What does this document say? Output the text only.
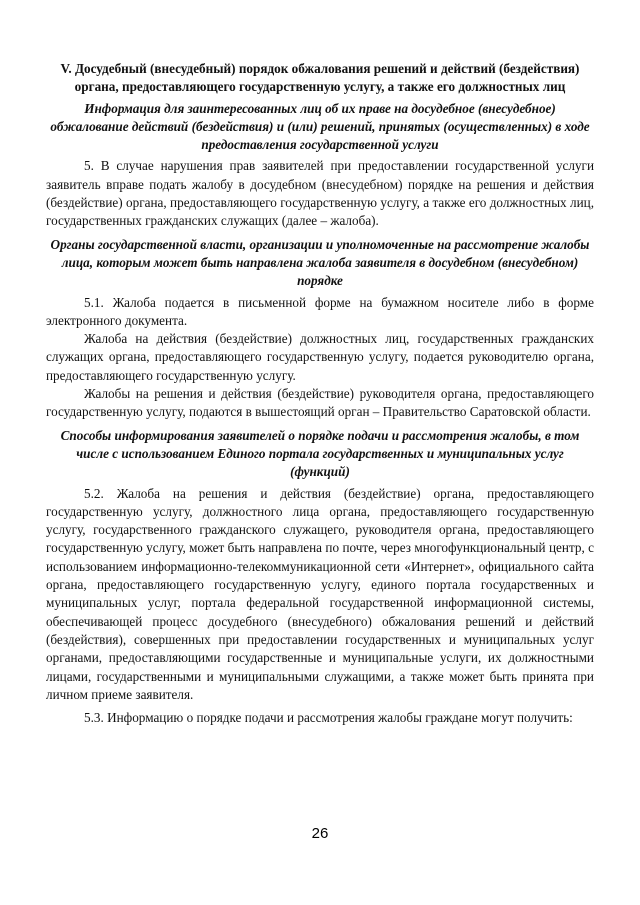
V. Досудебный (внесудебный) порядок обжалования решений и действий (бездействия) органа, предоставляющего государственную услугу, а также его должностных лиц

Информация для заинтересованных лиц об их праве на досудебное (внесудебное) обжалование действий (бездействия) и (или) решений, принятых (осуществленных) в ходе предоставления государственной услуги

5. В случае нарушения прав заявителей при предоставлении государственной услуги заявитель вправе подать жалобу в досудебном (внесудебном) порядке на решения и действия (бездействие) органа, предоставляющего государственную услугу, а также его должностных лиц, государственных гражданских служащих (далее – жалоба).

Органы государственной власти, организации и уполномоченные на рассмотрение жалобы лица, которым может быть направлена жалоба заявителя в досудебном (внесудебном) порядке

5.1. Жалоба подается в письменной форме на бумажном носителе либо в форме электронного документа.

Жалоба на действия (бездействие) должностных лиц, государственных гражданских служащих органа, предоставляющего государственную услугу, подается руководителю органа, предоставляющего государственную услугу.

Жалобы на решения и действия (бездействие) руководителя органа, предоставляющего государственную услугу, подаются в вышестоящий орган – Правительство Саратовской области.

Способы информирования заявителей о порядке подачи и рассмотрения жалобы, в том числе с использованием Единого портала государственных и муниципальных услуг (функций)

5.2. Жалоба на решения и действия (бездействие) органа, предоставляющего государственную услугу, должностного лица органа, предоставляющего государственную услугу, государственного гражданского служащего, руководителя органа, предоставляющего государственную услугу, может быть направлена по почте, через многофункциональный центр, с использованием информационно-телекоммуникационной сети «Интернет», официального сайта органа, предоставляющего государственную услугу, единого портала государственных и муниципальных услуг, портала федеральной государственной информационной системы, обеспечивающей процесс досудебного (внесудебного) обжалования решений и действий (бездействия), совершенных при предоставлении государственных и муниципальных услуг органами, предоставляющими государственные и муниципальные услуги, их должностными лицами, государственными и муниципальными служащими, а также может быть принята при личном приеме заявителя.

5.3. Информацию о порядке подачи и рассмотрения жалобы граждане могут получить:

26
